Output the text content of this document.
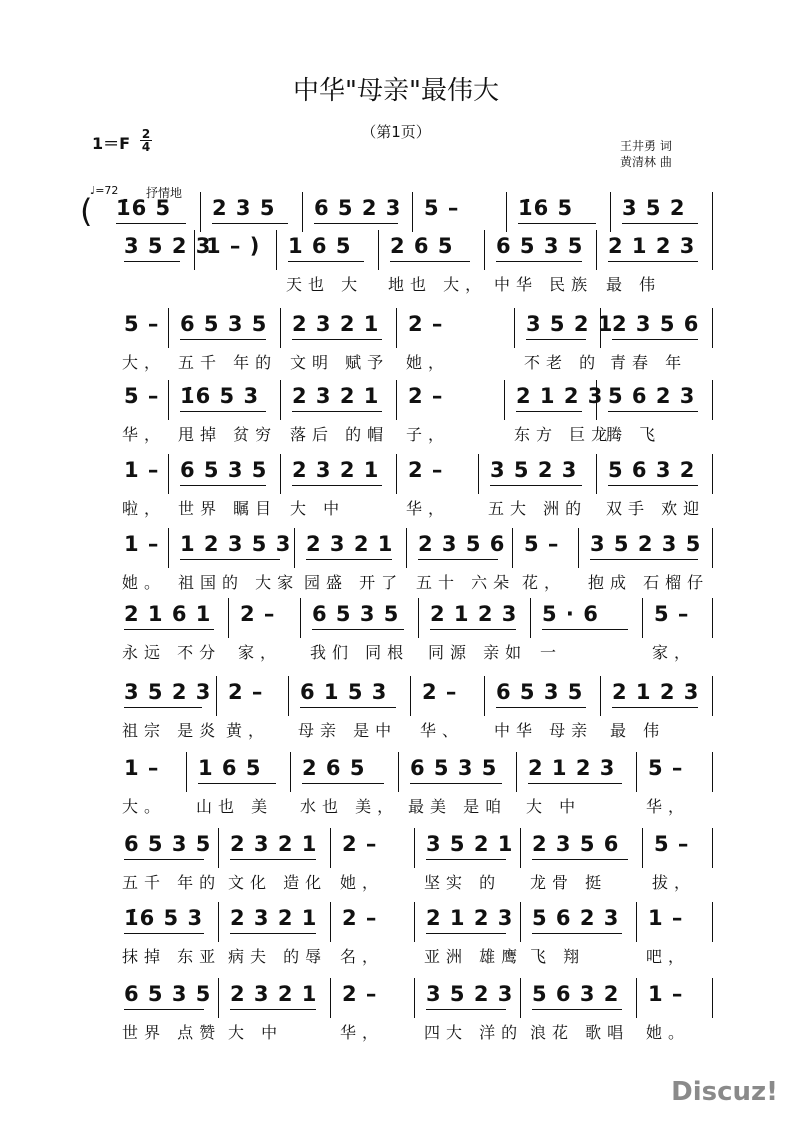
中华"母亲"最伟大
（第1页）
1＝F 2
4	王井勇 词
黄清林 曲
♩=72 抒情地
( 1̇6 5 2 3 5 6 5 2 3 5 –	1̇6 5 3 5 2
3 5 2 3
1 – ) 1 6 5
天也 大
2 6 5
地也 大，
6 5 3 5
中华 民族
2 1 2 3
最 伟
5 –
大，
6 5 3 5
五千 年的
2 3 2 1
文明 赋予
2 –
她，
3 5 2 1
不老 的
2 3 5 6
青春 年
5 –
华，
1̇6 5 3
甩掉 贫穷
2 3 2 1
落后 的帽
2 –
子，
2 1 2 3
东方 巨龙
5 6 2 3
腾 飞
1 –
啦，
6 5 3 5
世界 瞩目
2 3 2 1
大 中
2 –
华，
3 5 2 3
五大 洲的
5 6 3 2
双手 欢迎
1 –
她。
1 2 3 5 3
祖国的 大家
2 3 2 1
园盛 开了
2 3 5 6
五十 六朵
5 –
花，
3 5 2 3 5
抱成 石榴仔
2 1 6 1
永远 不分
2 –
家，
6 5 3 5
我们 同根
2 1 2 3
同源 亲如
5 · 6
一
5 –
家，
3 5 2 3
祖宗 是炎
2 –
黄，
6 1 5 3
母亲 是中
2 –
华、
6 5 3 5
中华 母亲
2 1 2 3
最 伟
1 –
大。
1 6 5
山也 美
2 6 5
水也 美，
6 5 3 5
最美 是咱
2 1 2 3
大 中
5 –
华，
6 5 3 5
五千 年的
2 3 2 1
文化 造化
2 –
她，
3 5 2 1
坚实 的
2 3 5 6
龙骨 挺
5 –
拔，
1̇6 5 3
抹掉 东亚
2 3 2 1
病夫 的辱
2 –
名，
2 1 2 3
亚洲 雄鹰
5 6 2 3
飞 翔
1 –
吧，
6 5 3 5
世界 点赞
2 3 2 1
大 中
2 –
华，
3 5 2 3
四大 洋的
5 6 3 2
浪花 歌唱
1 –
她。
Discuz!
